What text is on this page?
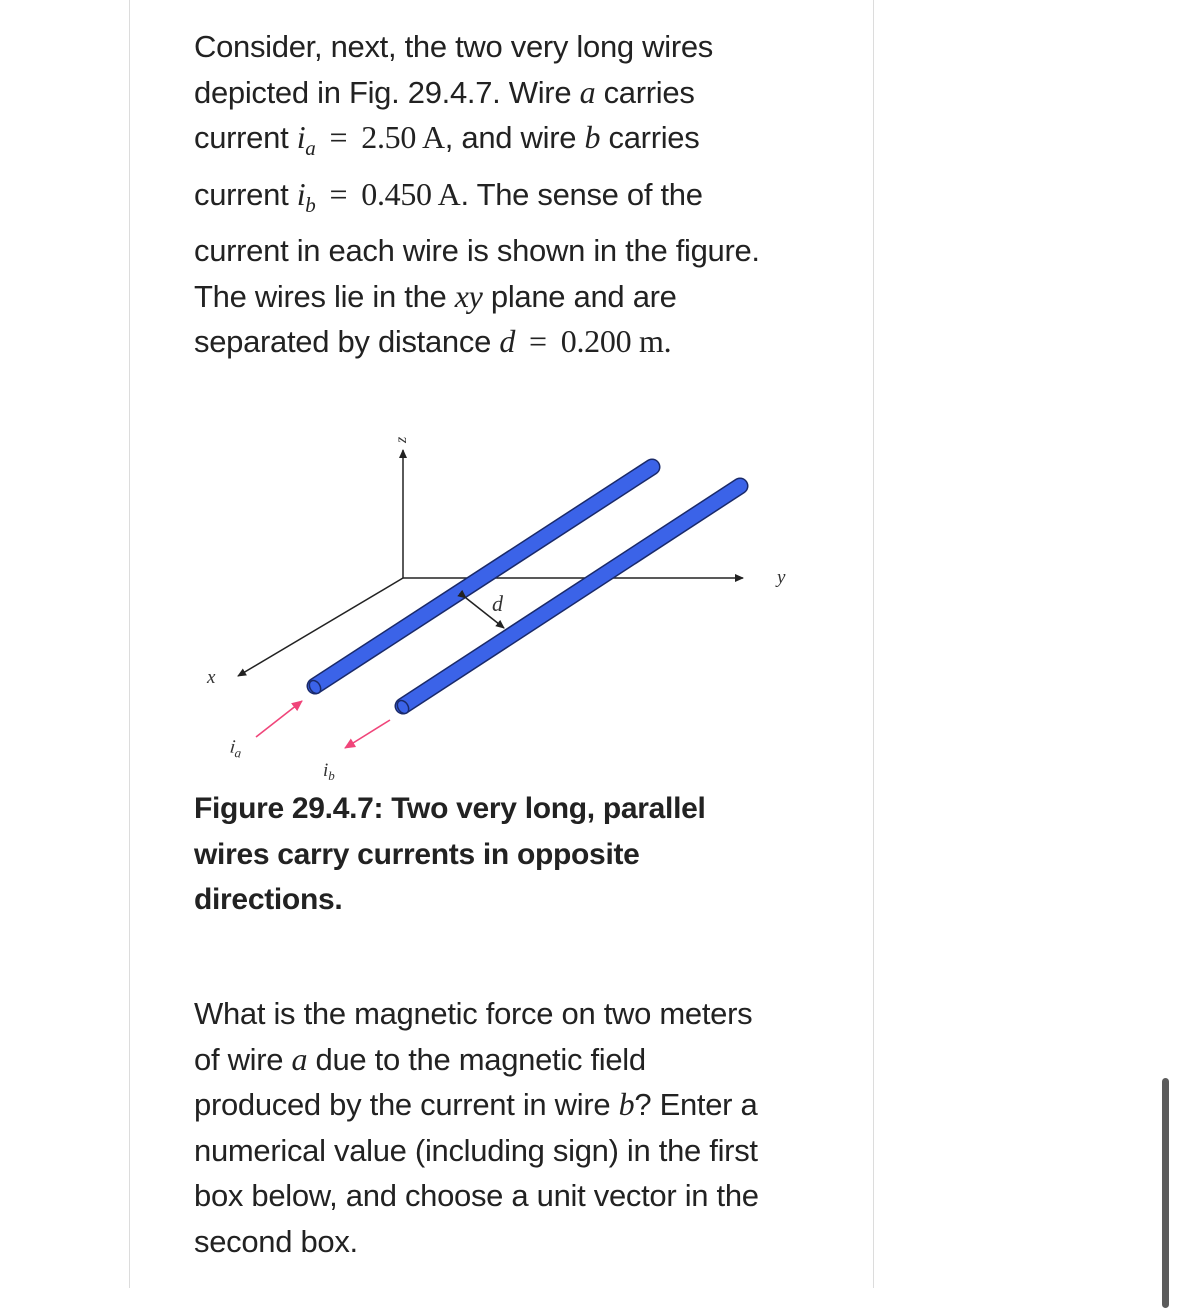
Consider, next, the two very long wires
depicted in Fig. 29.4.7. Wire a carries
current $i_a = 2.50$ A, and wire b carries
current $i_b = 0.450$ A. The sense of the
current in each wire is shown in the figure.
The wires lie in the xy plane and are
separated by distance d = 0.200 m.
z
y
x
d
$i_a$
$i_b$
Figure 29.4.7: Two very long, parallel
wires carry currents in opposite
directions.
What is the magnetic force on two meters
of wire a due to the magnetic field
produced by the current in wire b? Enter a
numerical value (including sign) in the first
box below, and choose a unit vector in the
second box.
